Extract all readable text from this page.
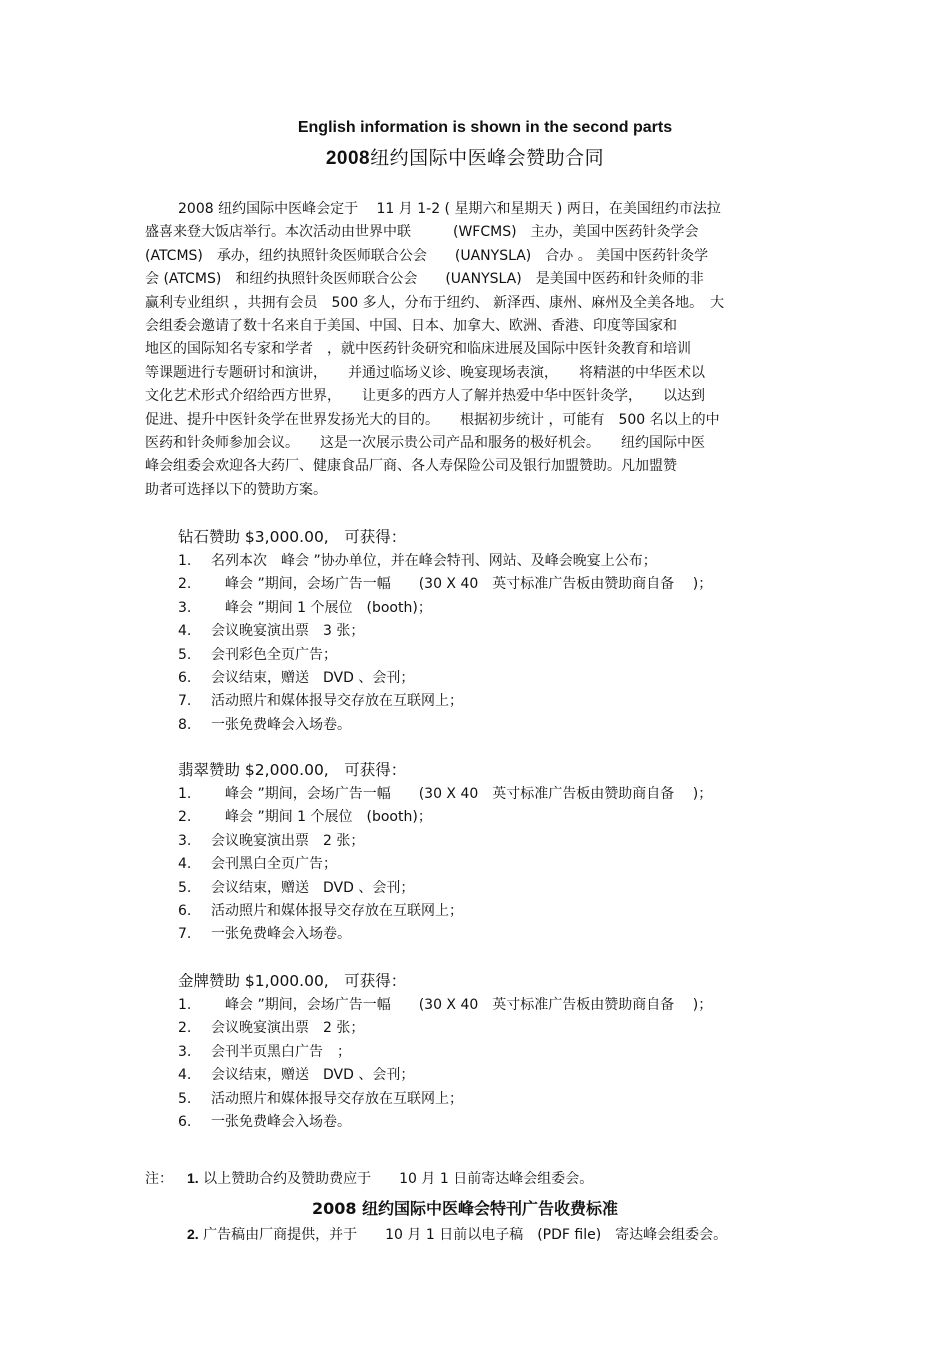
English information is shown in the second parts
2008纽约国际中医峰会赞助合同

2008 纽约国际中医峰会定于　 11 月 1-2 ( 星期六和星期天 ) 两日，在美国纽约市法拉
盛喜来登大饭店举行。本次活动由世界中联　　　(WFCMS)　主办，美国中医药针灸学会
(ATCMS)　承办，纽约执照针灸医师联合公会　　(UANYSLA)　合办 。 美国中医药针灸学
会 (ATCMS)　和纽约执照针灸医师联合公会　　(UANYSLA)　是美国中医药和针灸师的非
赢利专业组织 ，共拥有会员　500 多人，分布于纽约、 新泽西、康州、麻州及全美各地。　大
会组委会邀请了数十名来自于美国、中国、日本、加拿大、欧洲、香港、印度等国家和
地区的国际知名专家和学者　，就中医药针灸研究和临床进展及国际中医针灸教育和培训
等课题进行专题研讨和演讲，　　并通过临场义诊、晚宴现场表演，　　将精湛的中华医术以
文化艺术形式介绍给西方世界，　　让更多的西方人了解并热爱中华中医针灸学，　　以达到
促进、提升中医针灸学在世界发扬光大的目的。　　根据初步统计 ，可能有　500 名以上的中
医药和针灸师参加会议。　　这是一次展示贵公司产品和服务的极好机会。　　纽约国际中医
峰会组委会欢迎各大药厂、健康食品厂商、各人寿保险公司及银行加盟赞助。凡加盟赞
助者可选择以下的赞助方案。

钻石赞助 $3,000.00,　可获得：
1. 名列本次　峰会 ”协办单位，并在峰会特刊、网站、及峰会晚宴上公布；
2.　峰会 ”期间，会场广告一幅　　(30 X 40　英寸标准广告板由赞助商自备　 )；
3.　峰会 ”期间 1 个展位　(booth)；
4. 会议晚宴演出票　3 张；
5. 会刊彩色全页广告；
6. 会议结束，赠送　DVD 、会刊；
7. 活动照片和媒体报导交存放在互联网上；
8. 一张免费峰会入场卷。
翡翠赞助 $2,000.00,　可获得：
1.　峰会 ”期间，会场广告一幅　　(30 X 40　英寸标准广告板由赞助商自备　 )；
2.　峰会 ”期间 1 个展位　(booth)；
3. 会议晚宴演出票　2 张；
4. 会刊黑白全页广告；
5. 会议结束，赠送　DVD 、会刊；
6. 活动照片和媒体报导交存放在互联网上；
7. 一张免费峰会入场卷。
金牌赞助 $1,000.00,　可获得：
1.　峰会 ”期间，会场广告一幅　　(30 X 40　英寸标准广告板由赞助商自备　 )；
2. 会议晚宴演出票　2 张；
3. 会刊半页黑白广告　；
4. 会议结束，赠送　DVD 、会刊；
5. 活动照片和媒体报导交存放在互联网上；
6. 一张免费峰会入场卷。

注： 1. 以上赞助合约及赞助费应于　　10 月 1 日前寄达峰会组委会。

2. 广告稿由厂商提供，并于　　10 月 1 日前以电子稿　(PDF file)　寄达峰会组委会。

2008 纽约国际中医峰会特刊广告收费标准
